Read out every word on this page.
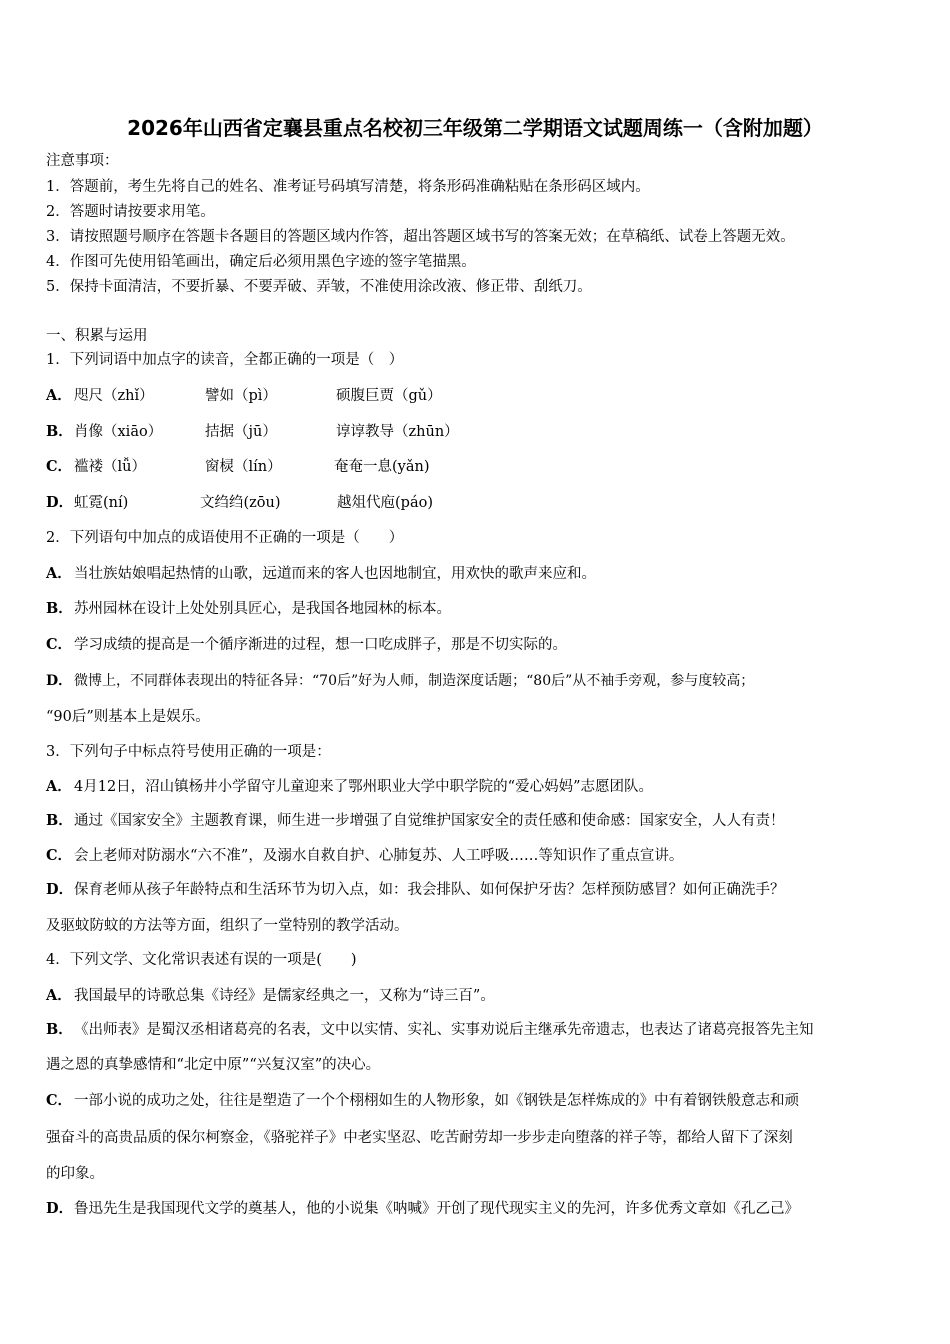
2026年山西省定襄县重点名校初三年级第二学期语文试题周练一（含附加题）
注意事项：
1．答题前，考生先将自己的姓名、准考证号码填写清楚，将条形码准确粘贴在条形码区域内。
2．答题时请按要求用笔。
3．请按照题号顺序在答题卡各题目的答题区域内作答，超出答题区域书写的答案无效；在草稿纸、试卷上答题无效。
4．作图可先使用铅笔画出，确定后必须用黑色字迹的签字笔描黑。
5．保持卡面清洁，不要折暴、不要弄破、弄皱，不准使用涂改液、修正带、刮纸刀。
一、积累与运用
1．下列词语中加点字的读音，全都正确的一项是（　）
A． 咫尺（zhǐ）	譬如（pì）	硕腹巨贾（gǔ）
B． 肖像（xiāo）	拮据（jū）	谆谆教导（zhūn）
C． 褴褛（lǚ）	窗棂（lín）	奄奄一息(yǎn)
D． 虹霓(ní)	文绉绉(zōu)	越俎代庖(páo)
2．下列语句中加点的成语使用不正确的一项是（　　）
A． 当壮族姑娘唱起热情的山歌，远道而来的客人也因地制宜，用欢快的歌声来应和。
B．苏州园林在设计上处处别具匠心，是我国各地园林的标本。
C． 学习成绩的提高是一个循序渐进的过程，想一口吃成胖子，那是不切实际的。
D． 微博上，不同群体表现出的特征各异：“70后”好为人师，制造深度话题；“80后”从不袖手旁观，参与度较高；
“90后”则基本上是娱乐。
3．下列句子中标点符号使用正确的一项是：
A． 4月12日，沼山镇杨井小学留守儿童迎来了鄂州职业大学中职学院的“爱心妈妈”志愿团队。
B．通过《国家安全》主题教育课，师生进一步增强了自觉维护国家安全的责任感和使命感：国家安全，人人有责！
C． 会上老师对防溺水“六不准”，及溺水自救自护、心肺复苏、人工呼吸……等知识作了重点宣讲。
D．保育老师从孩子年龄特点和生活环节为切入点，如：我会排队、如何保护牙齿？怎样预防感冒？如何正确洗手？
及驱蚊防蚊的方法等方面，组织了一堂特别的教学活动。
4．下列文学、文化常识表述有误的一项是(　　)
A． 我国最早的诗歌总集《诗经》是儒家经典之一，又称为“诗三百”。
B．《出师表》是蜀汉丞相诸葛亮的名表，文中以实情、实礼、实事劝说后主继承先帝遗志，也表达了诸葛亮报答先主知
遇之恩的真挚感情和“北定中原”“兴复汉室”的决心。
C． 一部小说的成功之处，往往是塑造了一个个栩栩如生的人物形象，如《钢铁是怎样炼成的》中有着钢铁般意志和顽
强奋斗的高贵品质的保尔柯察金，《骆驼祥子》中老实坚忍、吃苦耐劳却一步步走向堕落的祥子等，都给人留下了深刻
的印象。
D．鲁迅先生是我国现代文学的奠基人，他的小说集《呐喊》开创了现代现实主义的先河，许多优秀文章如《孔乙己》
